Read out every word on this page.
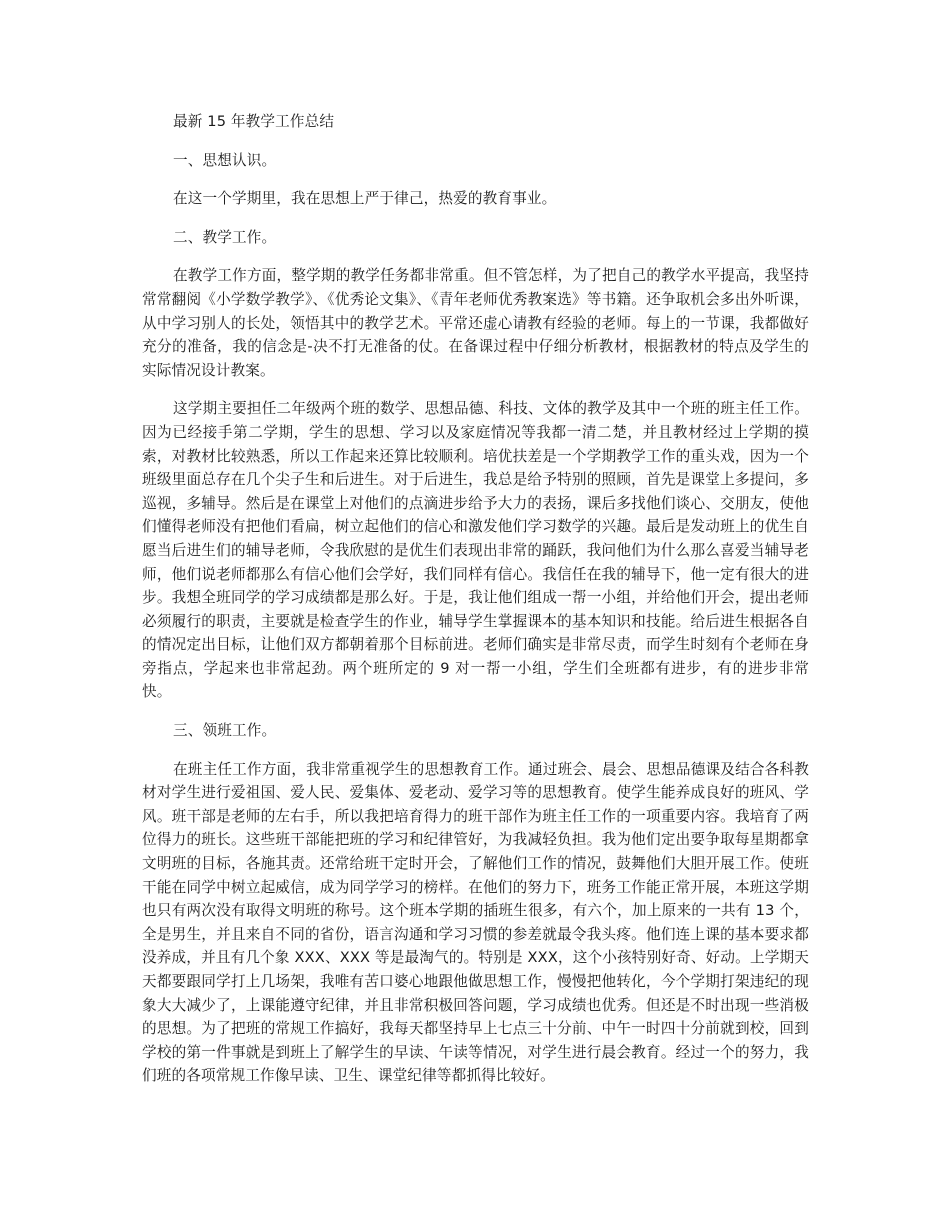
最新 15 年教学工作总结

一、思想认识。

在这一个学期里，我在思想上严于律己，热爱的教育事业。

二、教学工作。

在教学工作方面，整学期的教学任务都非常重。但不管怎样，为了把自己的教学水平提高，我坚持常常翻阅《小学数学教学》、《优秀论文集》、《青年老师优秀教案选》等书籍。还争取机会多出外听课，从中学习别人的长处，领悟其中的教学艺术。平常还虚心请教有经验的老师。每上的一节课，我都做好充分的准备，我的信念是-决不打无准备的仗。在备课过程中仔细分析教材，根据教材的特点及学生的实际情况设计教案。

这学期主要担任二年级两个班的数学、思想品德、科技、文体的教学及其中一个班的班主任工作。因为已经接手第二学期，学生的思想、学习以及家庭情况等我都一清二楚，并且教材经过上学期的摸索，对教材比较熟悉，所以工作起来还算比较顺利。培优扶差是一个学期教学工作的重头戏，因为一个班级里面总存在几个尖子生和后进生。对于后进生，我总是给予特别的照顾，首先是课堂上多提问，多巡视，多辅导。然后是在课堂上对他们的点滴进步给予大力的表扬，课后多找他们谈心、交朋友，使他们懂得老师没有把他们看扁，树立起他们的信心和激发他们学习数学的兴趣。最后是发动班上的优生自愿当后进生们的辅导老师，令我欣慰的是优生们表现出非常的踊跃，我问他们为什么那么喜爱当辅导老师，他们说老师都那么有信心他们会学好，我们同样有信心。我信任在我的辅导下，他一定有很大的进步。我想全班同学的学习成绩都是那么好。于是，我让他们组成一帮一小组，并给他们开会，提出老师必须履行的职责，主要就是检查学生的作业，辅导学生掌握课本的基本知识和技能。给后进生根据各自的情况定出目标，让他们双方都朝着那个目标前进。老师们确实是非常尽责，而学生时刻有个老师在身旁指点，学起来也非常起劲。两个班所定的 9 对一帮一小组，学生们全班都有进步，有的进步非常快。

三、领班工作。

在班主任工作方面，我非常重视学生的思想教育工作。通过班会、晨会、思想品德课及结合各科教材对学生进行爱祖国、爱人民、爱集体、爱老动、爱学习等的思想教育。使学生能养成良好的班风、学风。班干部是老师的左右手，所以我把培育得力的班干部作为班主任工作的一项重要内容。我培育了两位得力的班长。这些班干部能把班的学习和纪律管好，为我减轻负担。我为他们定出要争取每星期都拿文明班的目标，各施其责。还常给班干定时开会，了解他们工作的情况，鼓舞他们大胆开展工作。使班干能在同学中树立起威信，成为同学学习的榜样。在他们的努力下，班务工作能正常开展，本班这学期也只有两次没有取得文明班的称号。这个班本学期的插班生很多，有六个，加上原来的一共有 13 个，全是男生，并且来自不同的省份，语言沟通和学习习惯的参差就最令我头疼。他们连上课的基本要求都没养成，并且有几个象 XXX、XXX 等是最淘气的。特别是 XXX，这个小孩特别好奇、好动。上学期天天都要跟同学打上几场架，我唯有苦口婆心地跟他做思想工作，慢慢把他转化，今个学期打架违纪的现象大大减少了，上课能遵守纪律，并且非常积极回答问题，学习成绩也优秀。但还是不时出现一些消极的思想。为了把班的常规工作搞好，我每天都坚持早上七点三十分前、中午一时四十分前就到校，回到学校的第一件事就是到班上了解学生的早读、午读等情况，对学生进行晨会教育。经过一个的努力，我们班的各项常规工作像早读、卫生、课堂纪律等都抓得比较好。
